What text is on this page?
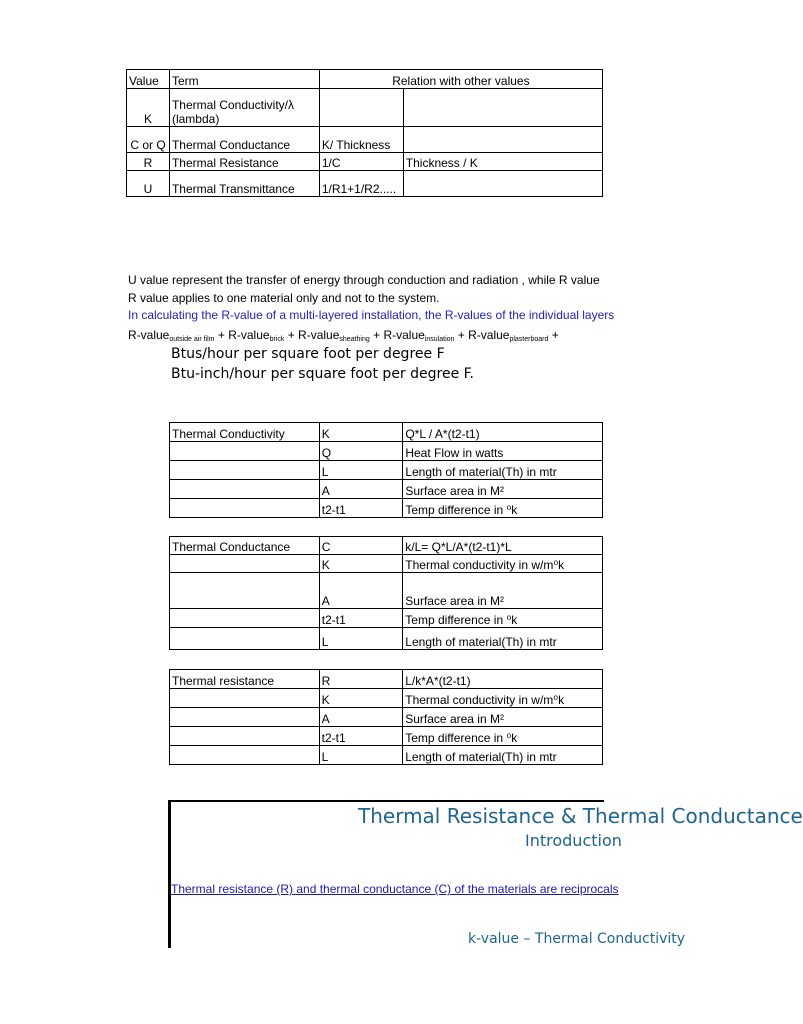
Value	Term	Relation with other values	
K	Thermal Conductivity/λ
(lambda)		

C or Q	Thermal Conductance	K/ Thickness	
R	Thermal Resistance	1/C	Thickness / K
U	Thermal Transmittance	1/R1+1/R2.....	
U value represent the transfer of energy through conduction and radiation , while R value
R value applies to one material only and not to the system.
In calculating the R-value of a multi-layered installation, the R-values of the individual layers
R-value$_{outside air film}$ + R-value$_{brick}$ + R-value$_{sheathing}$ + R-value$_{insulation}$ + R-value$_{plasterboard}$ +
Btus/hour per square foot per degree F
Btu-inch/hour per square foot per degree F.
Thermal Conductivity	K	Q*L / A*(t2-t1)
	Q	Heat Flow in watts
	L	Length of material(Th) in mtr
	A	Surface area in M²
	t2-t1	Temp difference in ⁰k
Thermal Conductance	C	k/L= Q*L/A*(t2-t1)*L
	K	Thermal conductivity in w/m⁰k
	A	Surface area in M²
	t2-t1	Temp difference in ⁰k
	L	Length of material(Th) in mtr
Thermal resistance	R	L/k*A*(t2-t1)
	K	Thermal conductivity in w/m⁰k
	A	Surface area in M²
	t2-t1	Temp difference in ⁰k
	L	Length of material(Th) in mtr
Thermal Resistance & Thermal Conductance
Introduction
Thermal resistance (R) and thermal conductance (C) of the materials are reciprocals
k-value – Thermal Conductivity
